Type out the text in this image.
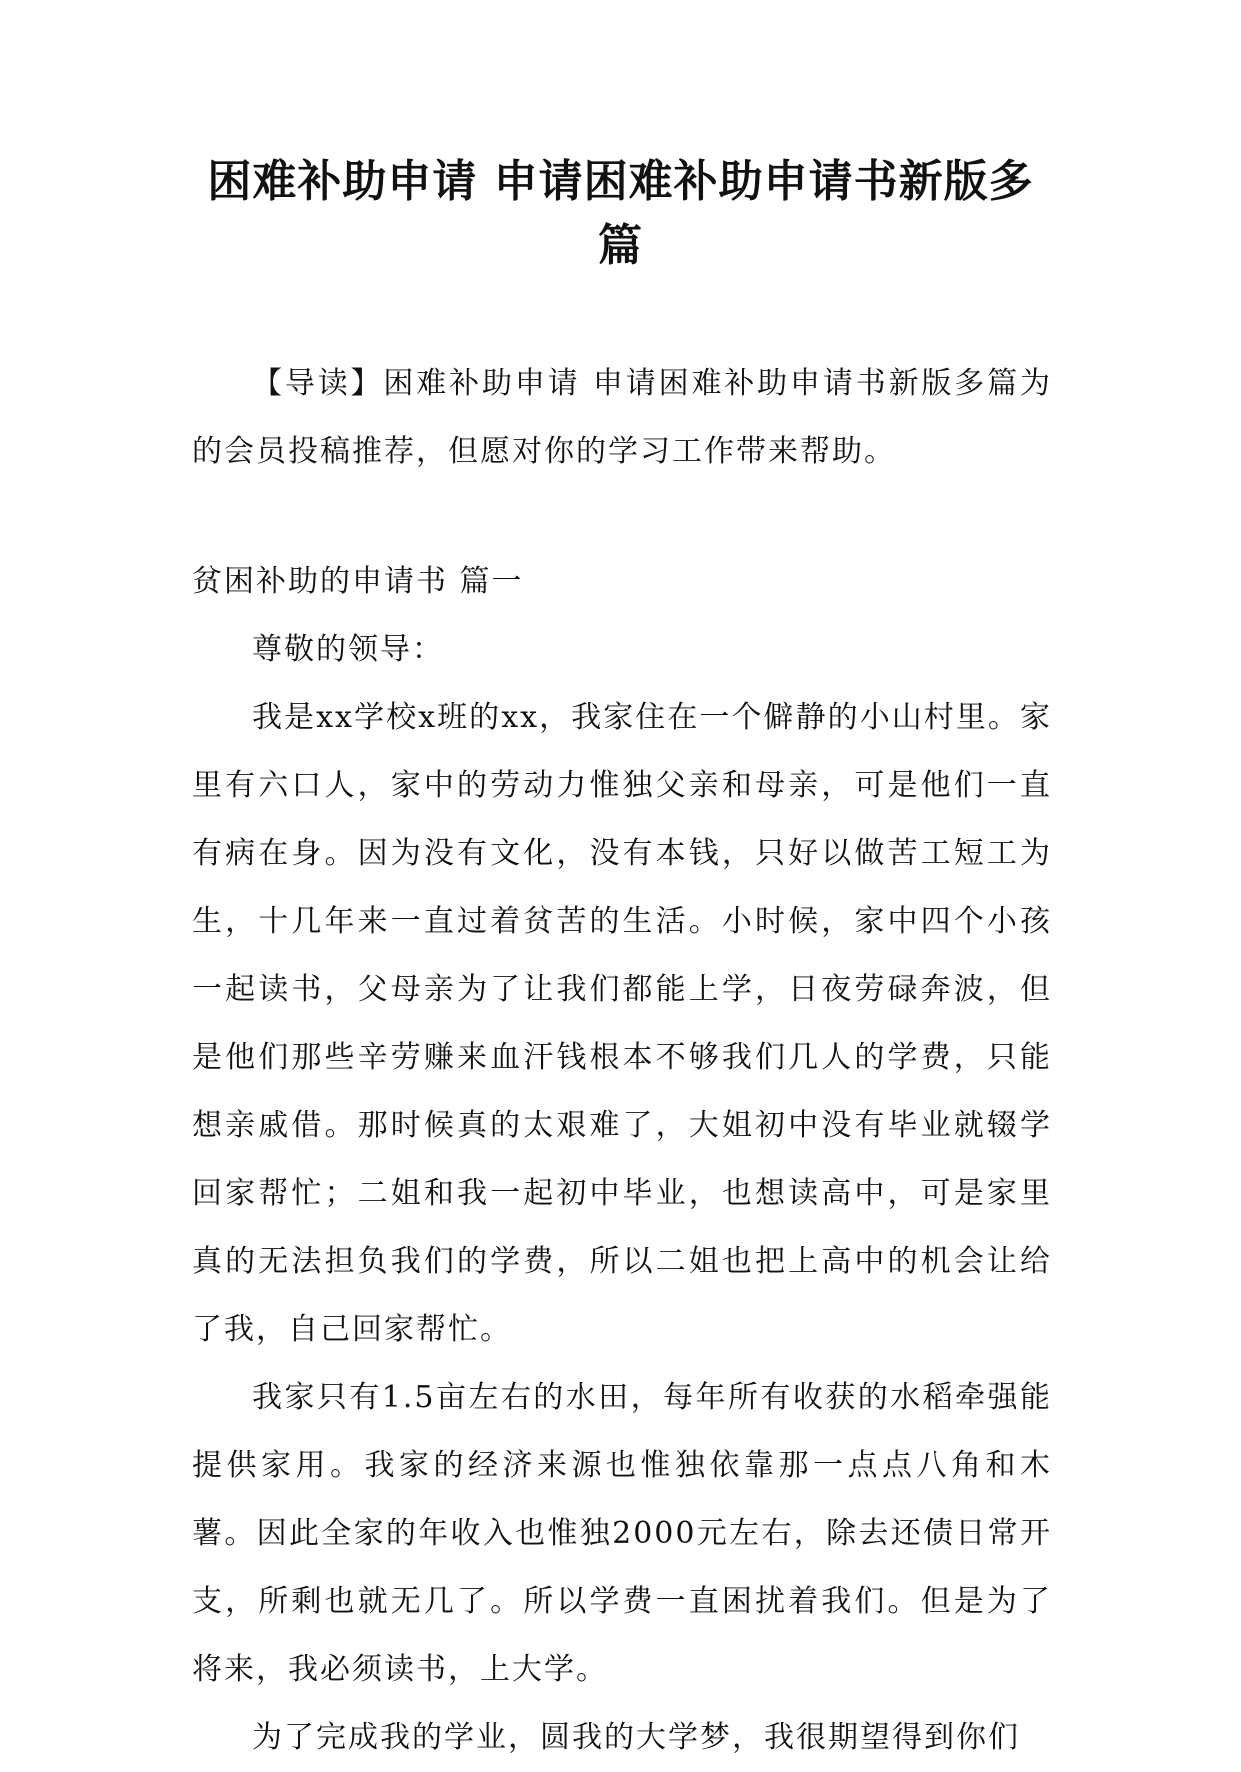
困难补助申请 申请困难补助申请书新版多
篇

【导读】困难补助申请 申请困难补助申请书新版多篇为的会员投稿推荐，但愿对你的学习工作带来帮助。

贫困补助的申请书 篇一

尊敬的领导：

我是xx学校x班的xx，我家住在一个僻静的小山村里。家里有六口人，家中的劳动力惟独父亲和母亲，可是他们一直有病在身。因为没有文化，没有本钱，只好以做苦工短工为生，十几年来一直过着贫苦的生活。小时候，家中四个小孩一起读书，父母亲为了让我们都能上学，日夜劳碌奔波，但是他们那些辛劳赚来血汗钱根本不够我们几人的学费，只能想亲戚借。那时候真的太艰难了，大姐初中没有毕业就辍学回家帮忙；二姐和我一起初中毕业，也想读高中，可是家里真的无法担负我们的学费，所以二姐也把上高中的机会让给了我，自己回家帮忙。

我家只有1.5亩左右的水田，每年所有收获的水稻牵强能提供家用。我家的经济来源也惟独依靠那一点点八角和木薯。因此全家的年收入也惟独2000元左右，除去还债日常开支，所剩也就无几了。所以学费一直困扰着我们。但是为了将来，我必须读书，上大学。

为了完成我的学业，圆我的大学梦，我很期望得到你们
